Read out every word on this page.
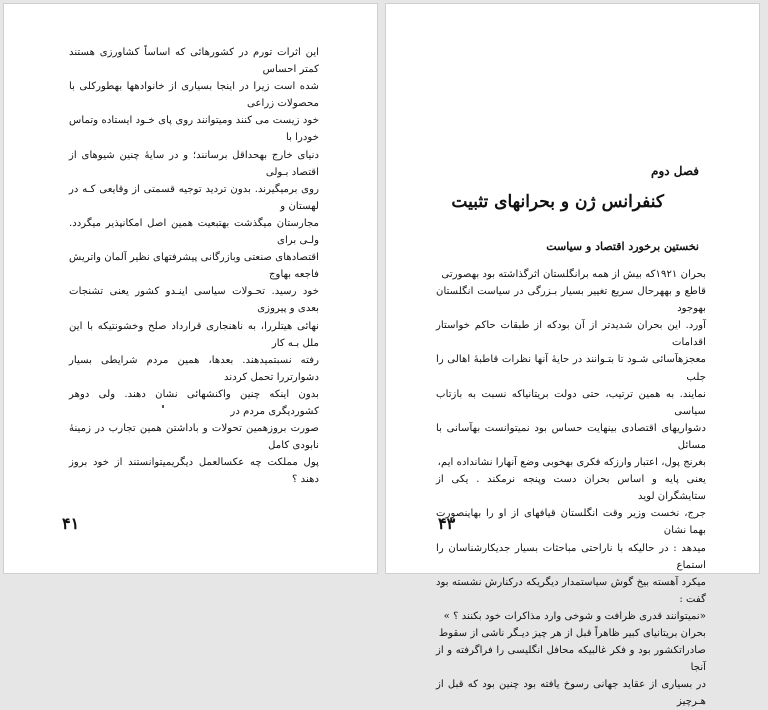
این اثرات تورم در کشورهائی که اساساً کشاورزی هستند کمتر احساس

شده است زیرا در اینجا بسیاری از خانوادهها بهطورکلی با محصولات زراعی

خود زیست می کنند ومیتوانند روی پای خـود ایستاده وتماس خودرا با

دنیای خارج بهحداقل برسانند؛ و در سایهٔ چنین شیوهای از اقتصاد بـولی

روی برمیگیرند. بدون تردید توجیه قسمتی از وقایعی کـه در لهستان و

مجارستان میگذشت بهتبعیت همین اصل امکانپذیر میگردد. ولـی برای

اقتصادهای صنعتی وبازرگانی پیشرفتهای نظیر آلمان واتریش فاجعه بهاوج

خود رسید. تحـولات سیاسی اینـدو کشور یعنی تشنجات بعدی و پیروزی

نهائی هیتلررا، به ناهنجاری قرارداد صلح وخشونتیکه با این ملل بـه کار

رفته نسبتمیدهند. بعدها، همین مردم شرایطی بسیار دشوارتررا تحمل کردند

بدون اینکه چنین واکنشهائی نشان دهند. ولی دوهر کشوردیگری مردم در

صورت بروزهمین تحولات و باداشتن همین تجارب در زمینهٔ نابودی کامل

پول مملکت چه عکسالعمل دیگریمیتوانستند از خود بروز دهند ؟

۴۱
فصل دوم
کنفرانس ژن و بحرانهای تثبیت
نخستین برخورد اقتصاد و سیاست

بحران ۱۹۲۱که بیش از همه برانگلستان اثرگذاشته بود بهصورتی

قاطع و بههرحال سریع تغییر بسیار بـزرگی در سیاست انگلستان بهوجود

آورد. این بحران شدیدتر از آن بودکه از طبقات حاکم خواستار اقدامات

معجزهآسائی شـود تا بتـوانند در حایهٔ آنها نظرات قاطبهٔ اهالی را جلب

نمایند. به همین ترتیب، حتی دولت بریتانیاکه نسبت به بازتاب سیاسی

دشواریهای اقتصادی بینهایت حساس بود نمیتوانست بهآسانی با مسائل

بغرنج پول، اعتبار وارزکه فکری بهخوبی وضع آنهارا نشانداده ایم،

یعنی پایه و اساس بحران دست وپنجه نرمکند . یکی از ستایشگران لوید

جرج، نخست وزیر وقت انگلستان قیافهای از او را بهاینصورت بهما نشان

میدهد : در حالیکه با ناراحتی مباحثات بسیار جدیکارشناسان را استماع

میکرد آهسته بیخ گوش سیاستمدار دیگریکه درکنارش نشسته بود گفت :

«نمیتوانند قدری ظرافت و شوخی وارد مذاکرات خود بکنند ؟ »

بحران بریتانیای کبیر ظاهراً قبل از هر چیز دیـگر ناشی از سقوط

صادراتکشور بود و فکر غالبیکه محافل انگلیسی را فراگرفته و از آنجا

در بسیاری از عقاید جهانی رسوخ یافته بود چنین بود که قبل از هـرچیز

۴۳
